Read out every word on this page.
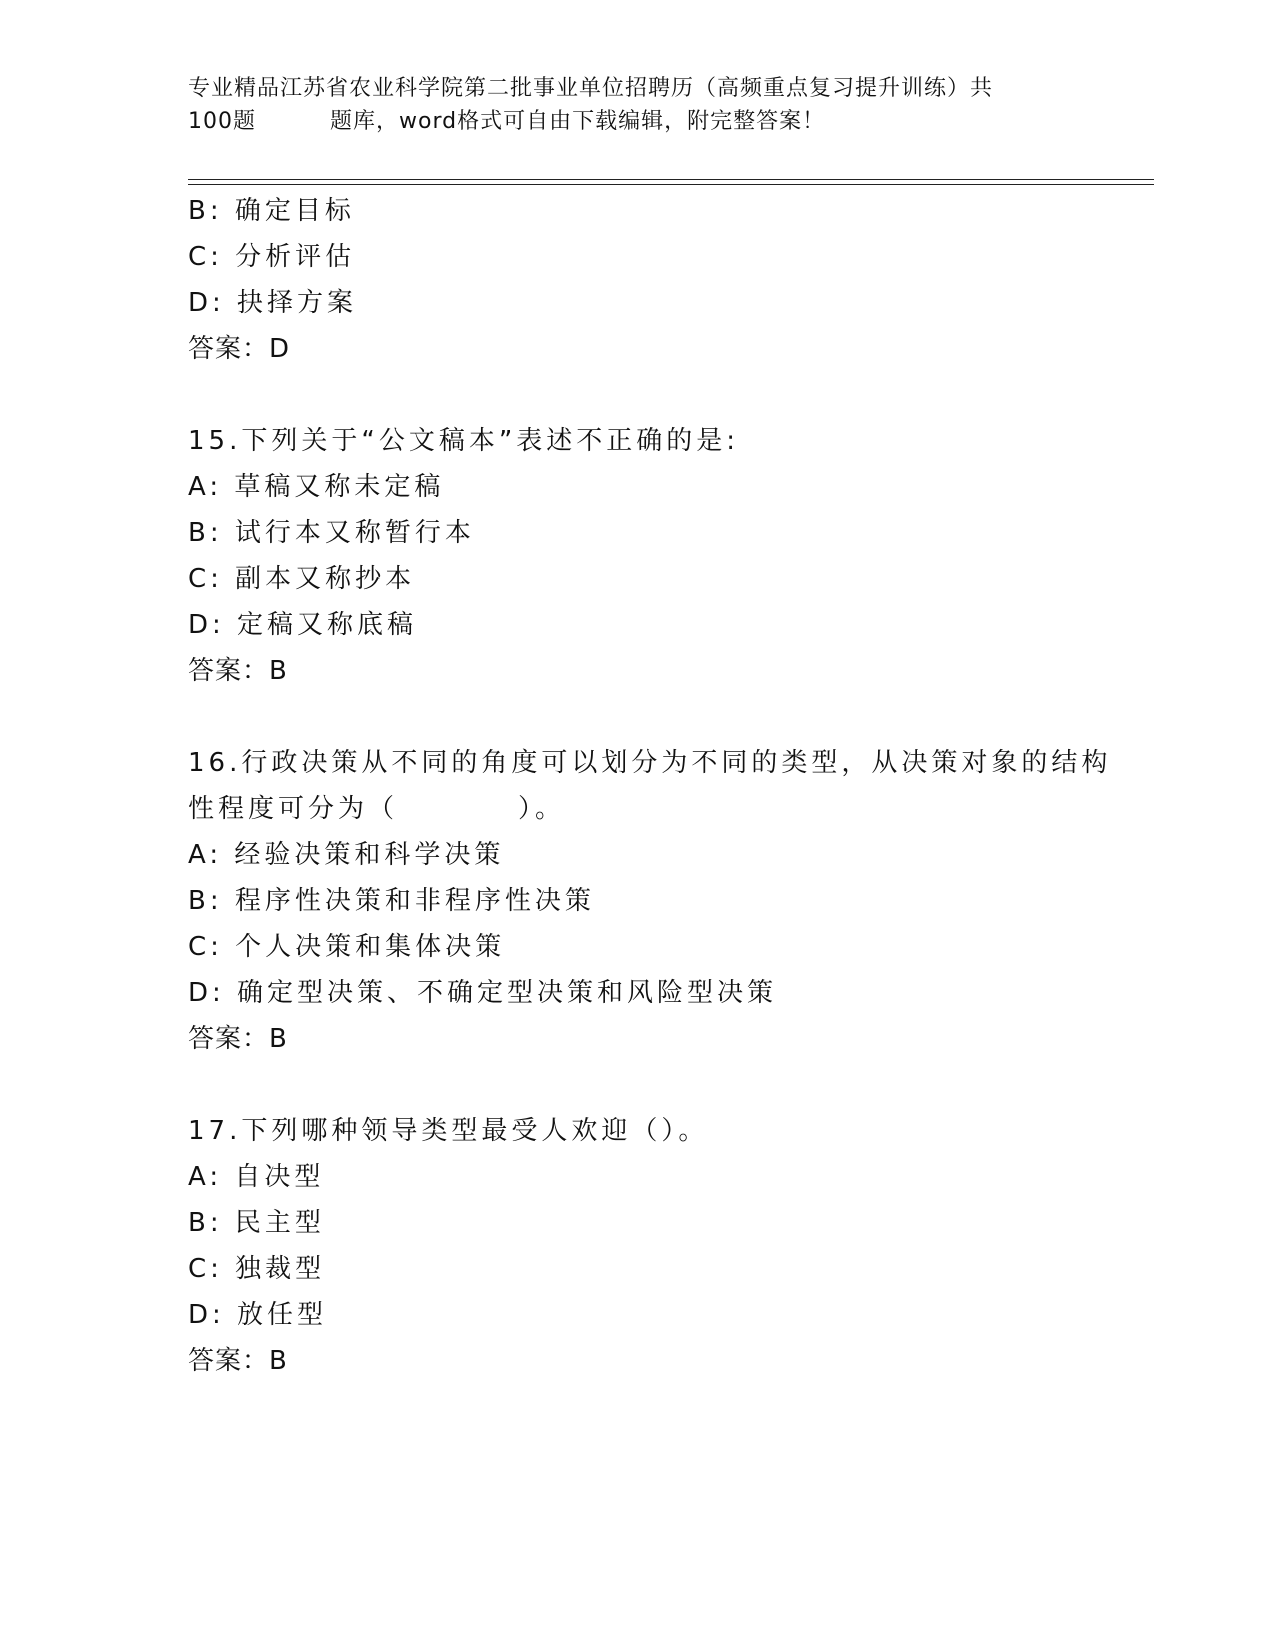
专业精品江苏省农业科学院第二批事业单位招聘历（高频重点复习提升训练）共
100题	题库，word格式可自由下载编辑，附完整答案！
B: 确定目标
C: 分析评估
D: 抉择方案
答案：D
15.下列关于“公文稿本”表述不正确的是:
A: 草稿又称未定稿
B: 试行本又称暂行本
C: 副本又称抄本
D: 定稿又称底稿
答案：B
16.行政决策从不同的角度可以划分为不同的类型，从决策对象的结构
性程度可分为（　　　　）。
A: 经验决策和科学决策
B: 程序性决策和非程序性决策
C: 个人决策和集体决策
D: 确定型决策、不确定型决策和风险型决策
答案：B
17.下列哪种领导类型最受人欢迎（）。
A: 自决型
B: 民主型
C: 独裁型
D: 放任型
答案：B
